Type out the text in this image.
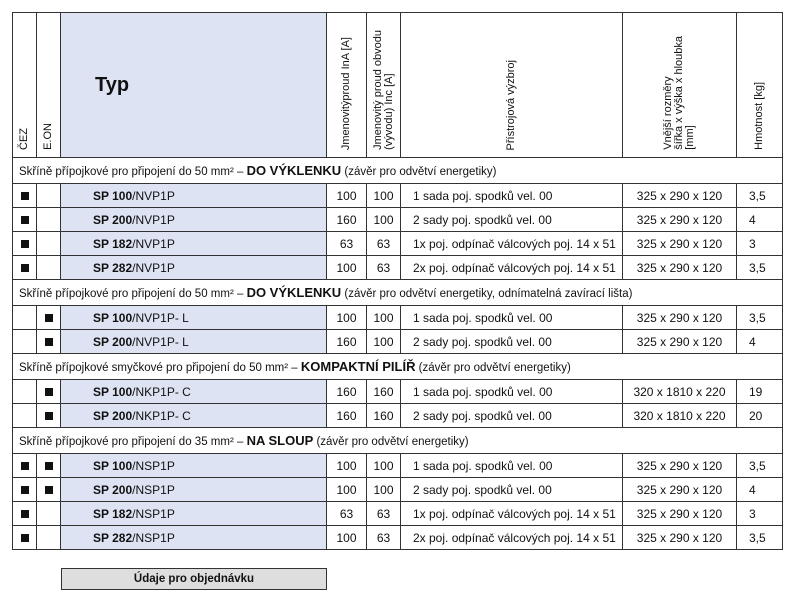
ČEZ	E.ON	Typ	Jmenovitýproud InA [A]	Jmenovitý proud obvodu
(vývodu) Inc [A]	Přístrojová výzbroj	Vnější rozměry
šířka x výška x hloubka
[mm]	Hmotnost [kg]
Skříně přípojkové pro připojení do 50 mm² – DO VÝKLENKU (závěr pro odvětví energetiky)							
		SP 100/NVP1P	100	100	1 sada poj. spodků vel. 00	325 x 290 x 120	3,5
		SP 200/NVP1P	160	100	2 sady poj. spodků vel. 00	325 x 290 x 120	4
		SP 182/NVP1P	63	63	1x poj. odpínač válcových poj. 14 x 51	325 x 290 x 120	3
		SP 282/NVP1P	100	63	2x poj. odpínač válcových poj. 14 x 51	325 x 290 x 120	3,5
Skříně přípojkové pro připojení do 50 mm² – DO VÝKLENKU (závěr pro odvětví energetiky, odnímatelná zavírací lišta)							
		SP 100/NVP1P- L	100	100	1 sada poj. spodků vel. 00	325 x 290 x 120	3,5
		SP 200/NVP1P- L	160	100	2 sady poj. spodků vel. 00	325 x 290 x 120	4
Skříně přípojkové smyčkové pro připojení do 50 mm² – KOMPAKTNÍ PILÍŘ (závěr pro odvětví energetiky)							
		SP 100/NKP1P- C	160	160	1 sada poj. spodků vel. 00	320 x 1810 x 220	19
		SP 200/NKP1P- C	160	160	2 sady poj. spodků vel. 00	320 x 1810 x 220	20
Skříně přípojkové pro připojení do 35 mm² – NA SLOUP (závěr pro odvětví energetiky)							
		SP 100/NSP1P	100	100	1 sada poj. spodků vel. 00	325 x 290 x 120	3,5
		SP 200/NSP1P	100	100	2 sady poj. spodků vel. 00	325 x 290 x 120	4
		SP 182/NSP1P	63	63	1x poj. odpínač válcových poj. 14 x 51	325 x 290 x 120	3
		SP 282/NSP1P	100	63	2x poj. odpínač válcových poj. 14 x 51	325 x 290 x 120	3,5
Údaje pro objednávku
